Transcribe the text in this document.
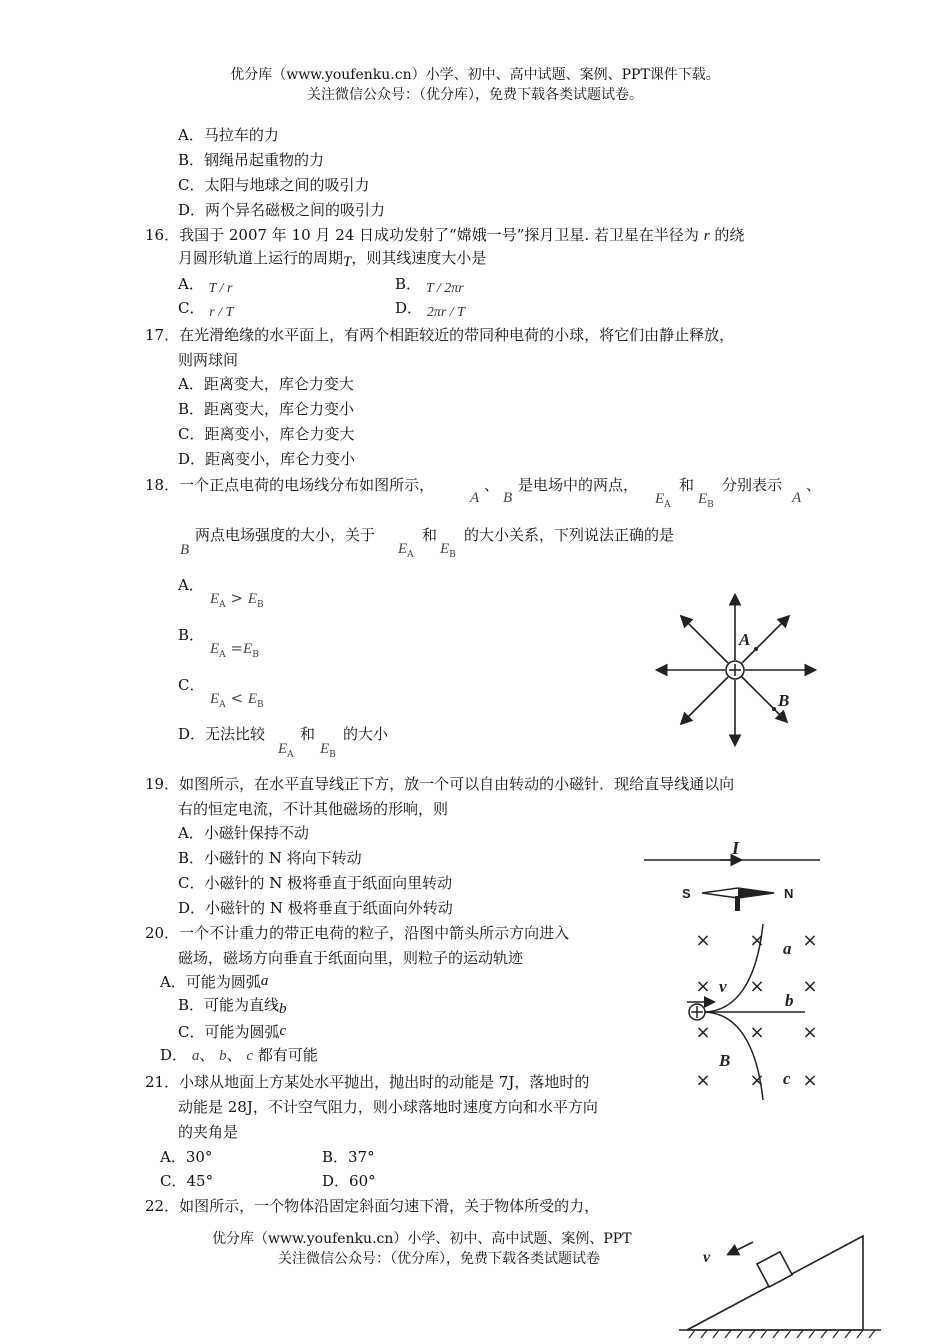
优分库（www.youfenku.cn）小学、初中、高中试题、案例、PPT课件下载。
关注微信公众号：（优分库），免费下载各类试题试卷。
A．马拉车的力
B．钢绳吊起重物的力
C．太阳与地球之间的吸引力
D．两个异名磁极之间的吸引力
16．我国于 2007 年 10 月 24 日成功发射了“嫦娥一号”探月卫星. 若卫星在半径为 r 的绕
月圆形轨道上运行的周期T，则其线速度大小是
A． T / r	B． T / 2πr
C． r / T	D． 2πr / T
17．在光滑绝缘的水平面上，有两个相距较近的带同种电荷的小球，将它们由静止释放，
则两球间
A．距离变大，库仑力变大
B．距离变大，库仑力变小
C．距离变小，库仑力变大
D．距离变小，库仑力变小
18．一个正点电荷的电场线分布如图所示，
A
、
B
是电场中的两点，
$E_A$
和
$E_B$
分别表示
A
、
B
两点电场强度的大小，关于
$E_A$
和
$E_B$
的大小关系，下列说法正确的是
A．
$E_A > E_B$
B．
$E_A =E_B$
C．
$E_A < E_B$
D．无法比较
$E_A$
和
$E_B$
的大小
A
B
19．如图所示，在水平直导线正下方，放一个可以自由转动的小磁针．现给直导线通以向
右的恒定电流，不计其他磁场的形响，则
A．小磁针保持不动
B．小磁针的 N 将向下转动
C．小磁针的 N 极将垂直于纸面向里转动
D．小磁针的 N 极将垂直于纸面向外转动
I
S	N
20．一个不计重力的带正电荷的粒子，沿图中箭头所示方向进入
磁场，磁场方向垂直于纸面向里，则粒子的运动轨迹
A．可能为圆弧a
B．可能为直线b
C．可能为圆弧c
D． a、 b、 c 都有可能
× × ×
× × ×
× × ×
× × ×
v
a
b
c
B
21．小球从地面上方某处水平抛出，抛出时的动能是 7J，落地时的
动能是 28J，不计空气阻力，则小球落地时速度方向和水平方向
的夹角是
A．30°	B．37°
C．45°	D．60°
22．如图所示，一个物体沿固定斜面匀速下滑，关于物体所受的力，
优分库（www.youfenku.cn）小学、初中、高中试题、案例、PPT
关注微信公众号：（优分库），免费下载各类试题试卷	v
